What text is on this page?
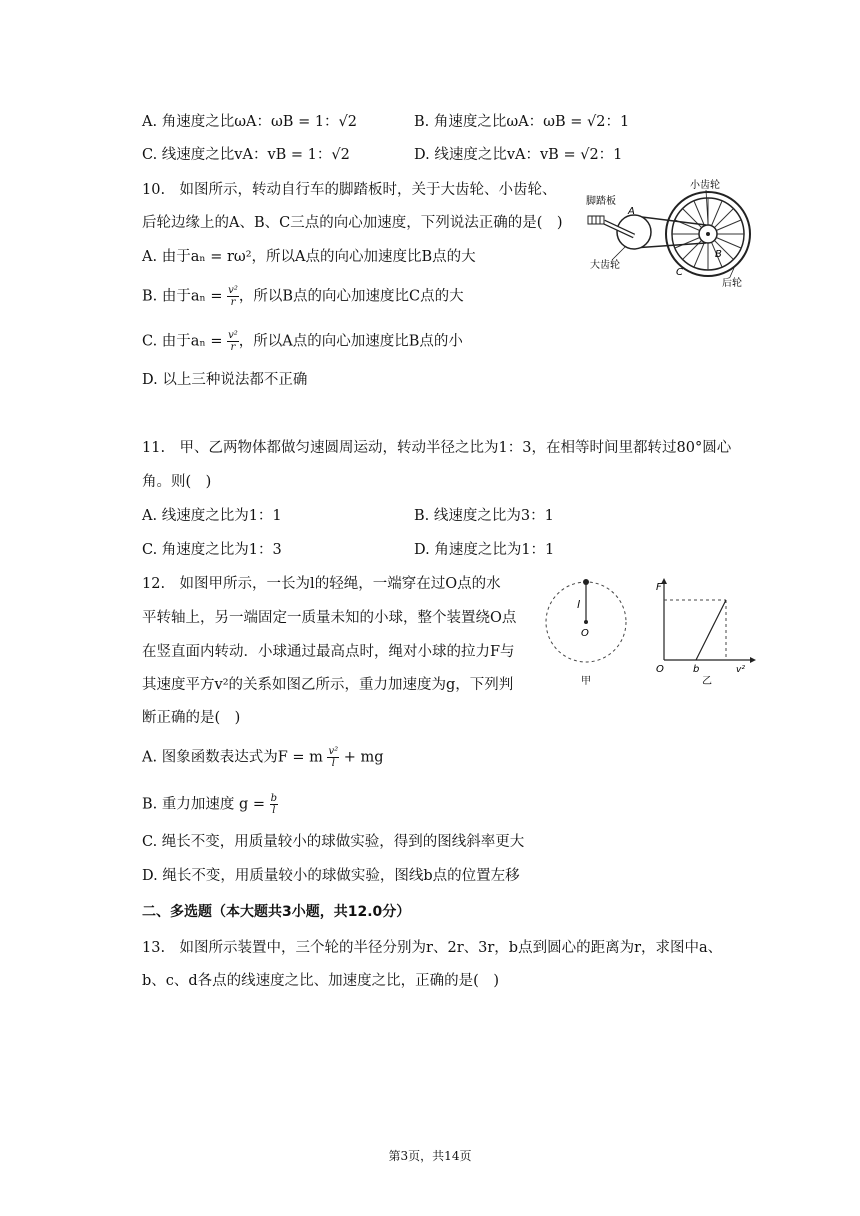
A. 角速度之比ωA：ωB = 1：√2	B. 角速度之比ωA：ωB = √2：1
C. 线速度之比vA：vB = 1：√2	D. 线速度之比vA：vB = √2：1
10.　如图所示，转动自行车的脚踏板时，关于大齿轮、小齿轮、
后轮边缘上的A、B、C三点的向心加速度，下列说法正确的是(　)
A. 由于aₙ = rω²，所以A点的向心加速度比B点的大
B. 由于$a_n = \frac{\text{v²}}{r}$ ，所以B点的向心加速度比C点的大
C. 由于$a_n = \frac{\text{v²}}{r}$ ，所以A点的向心加速度比B点的小
D. 以上三种说法都不正确
小齿轮
脚踏板
A
B
C
大齿轮
后轮
11.　甲、乙两物体都做匀速圆周运动，转动半径之比为1：3，在相等时间里都转过80°圆心
角。则(　)
A. 线速度之比为1：1	B. 线速度之比为3：1
C. 角速度之比为1：3	D. 角速度之比为1：1
12.　如图甲所示，一长为l的轻绳，一端穿在过O点的水
平转轴上，另一端固定一质量未知的小球，整个装置绕O点
在竖直面内转动．小球通过最高点时，绳对小球的拉力F与
其速度平方v²的关系如图乙所示，重力加速度为g，下列判
断正确的是(　)
A. 图象函数表达式为F = m $\frac{\text{v²}}{l}$ + mg
B. 重力加速度 $g = \frac{b}{l}$
C. 绳长不变，用质量较小的球做实验，得到的图线斜率更大
D. 绳长不变，用质量较小的球做实验，图线b点的位置左移
l
O
甲
F
O	b	v²
乙
二、多选题（本大题共3小题，共12.0分）
13.　如图所示装置中，三个轮的半径分别为r、2r、3r，b点到圆心的距离为r，求图中a、
b、c、d各点的线速度之比、加速度之比，正确的是(　)
第3页，共14页
